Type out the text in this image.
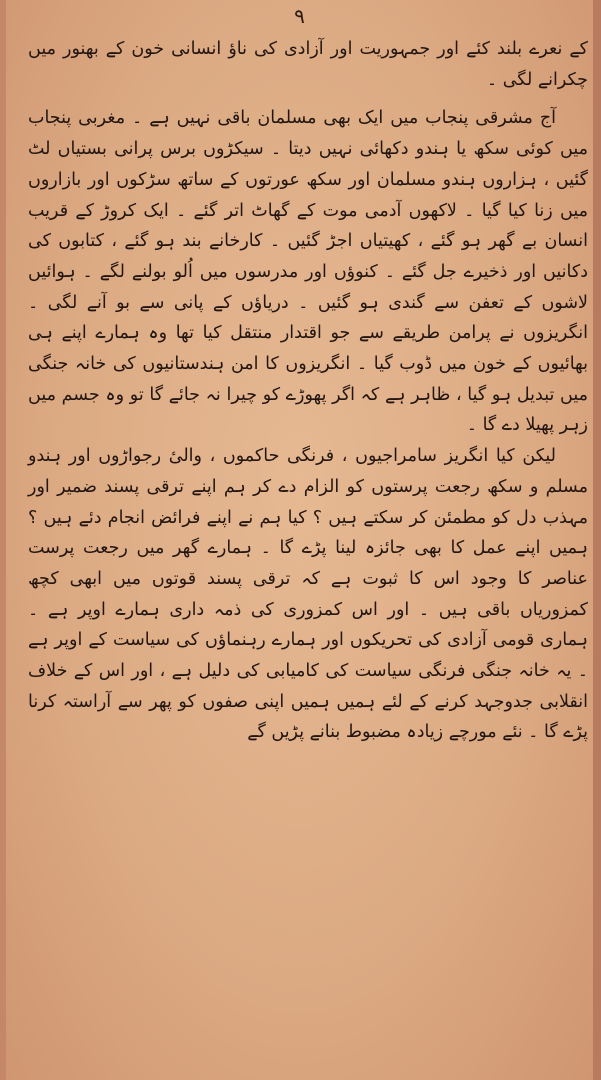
۹

کے نعرے بلند کئے اور جمہوریت اور آزادی کی ناؤ انسانی خون کے بھنور میں چکرانے لگی ۔

آج مشرقی پنجاب میں ایک بھی مسلمان باقی نہیں ہے ۔ مغربی پنجاب میں کوئی سکھ یا ہندو دکھائی نہیں دیتا ۔ سیکڑوں برس پرانی بستیاں لٹ گئیں ، ہزاروں ہندو مسلمان اور سکھ عورتوں کے ساتھ سڑکوں اور بازاروں میں زنا کیا گیا ۔ لاکھوں آدمی موت کے گھاٹ اتر گئے ۔ ایک کروڑ کے قریب انسان بے گھر ہو گئے ، کھیتیاں اجڑ گئیں ۔ کارخانے بند ہو گئے ، کتابوں کی دکانیں اور ذخیرے جل گئے ۔ کنوؤں اور مدرسوں میں اُلو بولنے لگے ۔ ہوائیں لاشوں کے تعفن سے گندی ہو گئیں ۔ دریاؤں کے پانی سے بو آنے لگی ۔ انگریزوں نے پرامن طریقے سے جو اقتدار منتقل کیا تھا وہ ہمارے اپنے ہی بھائیوں کے خون میں ڈوب گیا ۔ انگریزوں کا امن ہندستانیوں کی خانہ جنگی میں تبدیل ہو گیا ، ظاہر ہے کہ اگر پھوڑے کو چیرا نہ جائے گا تو وہ جسم میں زہر پھیلا دے گا ۔

لیکن کیا انگریز سامراجیوں ، فرنگی حاکموں ، والیٔ رجواڑوں اور ہندو مسلم و سکھ رجعت پرستوں کو الزام دے کر ہم اپنے ترقی پسند ضمیر اور مہذب دل کو مطمئن کر سکتے ہیں ؟ کیا ہم نے اپنے فرائض انجام دئے ہیں ؟ ہمیں اپنے عمل کا بھی جائزہ لینا پڑے گا ۔ ہمارے گھر میں رجعت پرست عناصر کا وجود اس کا ثبوت ہے کہ ترقی پسند قوتوں میں ابھی کچھ کمزوریاں باقی ہیں ۔ اور اس کمزوری کی ذمہ داری ہمارے اوپر ہے ۔ ہماری قومی آزادی کی تحریکوں اور ہمارے رہنماؤں کی سیاست کے اوپر ہے ۔ یہ خانہ جنگی فرنگی سیاست کی کامیابی کی دلیل ہے ، اور اس کے خلاف انقلابی جدوجہد کرنے کے لئے ہمیں ہمیں اپنی صفوں کو پھر سے آراستہ کرنا پڑے گا ۔ نئے مورچے زیادہ مضبوط بنانے پڑیں گے
